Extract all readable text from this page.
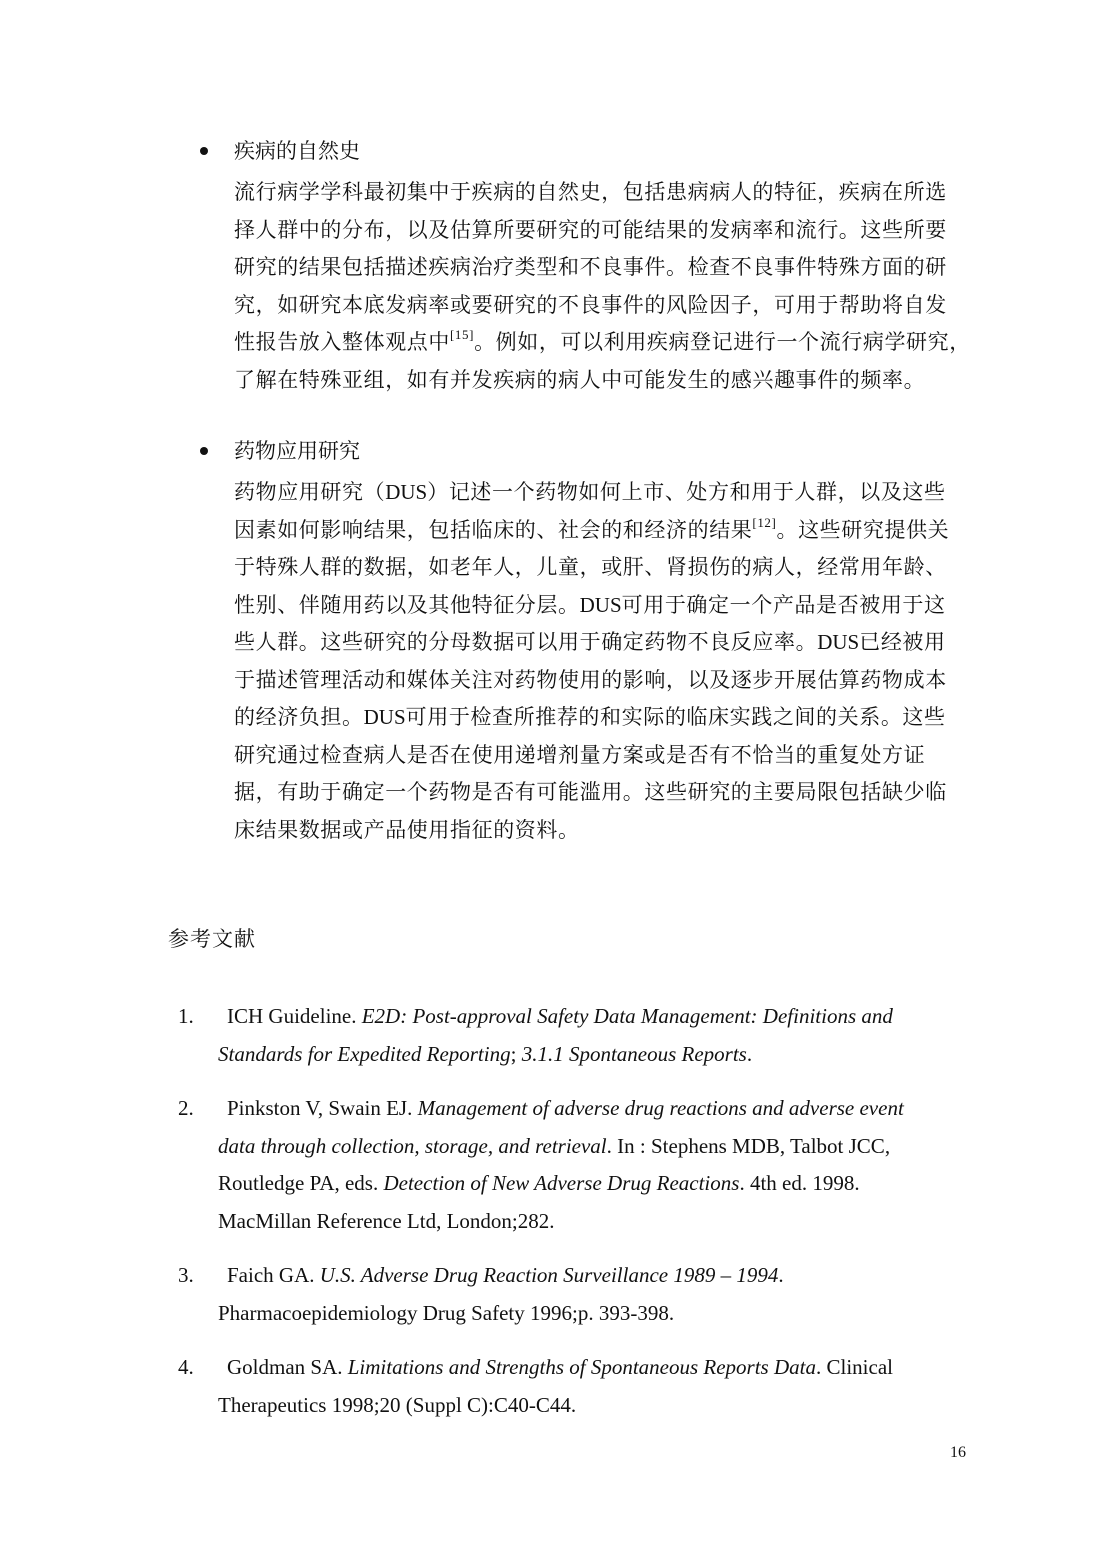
疾病的自然史
流行病学学科最初集中于疾病的自然史，包括患病病人的特征，疾病在所选
择人群中的分布，以及估算所要研究的可能结果的发病率和流行。这些所要
研究的结果包括描述疾病治疗类型和不良事件。检查不良事件特殊方面的研
究，如研究本底发病率或要研究的不良事件的风险因子，可用于帮助将自发
性报告放入整体观点中[15]。例如，可以利用疾病登记进行一个流行病学研究，
了解在特殊亚组，如有并发疾病的病人中可能发生的感兴趣事件的频率。
药物应用研究
药物应用研究（DUS）记述一个药物如何上市、处方和用于人群，以及这些
因素如何影响结果，包括临床的、社会的和经济的结果[12]。这些研究提供关
于特殊人群的数据，如老年人，儿童，或肝、肾损伤的病人，经常用年龄、
性别、伴随用药以及其他特征分层。DUS可用于确定一个产品是否被用于这
些人群。这些研究的分母数据可以用于确定药物不良反应率。DUS已经被用
于描述管理活动和媒体关注对药物使用的影响，以及逐步开展估算药物成本
的经济负担。DUS可用于检查所推荐的和实际的临床实践之间的关系。这些
研究通过检查病人是否在使用递增剂量方案或是否有不恰当的重复处方证
据，有助于确定一个药物是否有可能滥用。这些研究的主要局限包括缺少临
床结果数据或产品使用指征的资料。
参考文献
1. ICH Guideline. E2D: Post-approval Safety Data Management: Definitions and
Standards for Expedited Reporting; 3.1.1 Spontaneous Reports.
2. Pinkston V, Swain EJ. Management of adverse drug reactions and adverse event
data through collection, storage, and retrieval. In : Stephens MDB, Talbot JCC,
Routledge PA, eds. Detection of New Adverse Drug Reactions. 4th ed. 1998.
MacMillan Reference Ltd, London;282.
3. Faich GA. U.S. Adverse Drug Reaction Surveillance 1989 – 1994.
Pharmacoepidemiology Drug Safety 1996;p. 393-398.
4. Goldman SA. Limitations and Strengths of Spontaneous Reports Data. Clinical
Therapeutics 1998;20 (Suppl C):C40-C44.
16
